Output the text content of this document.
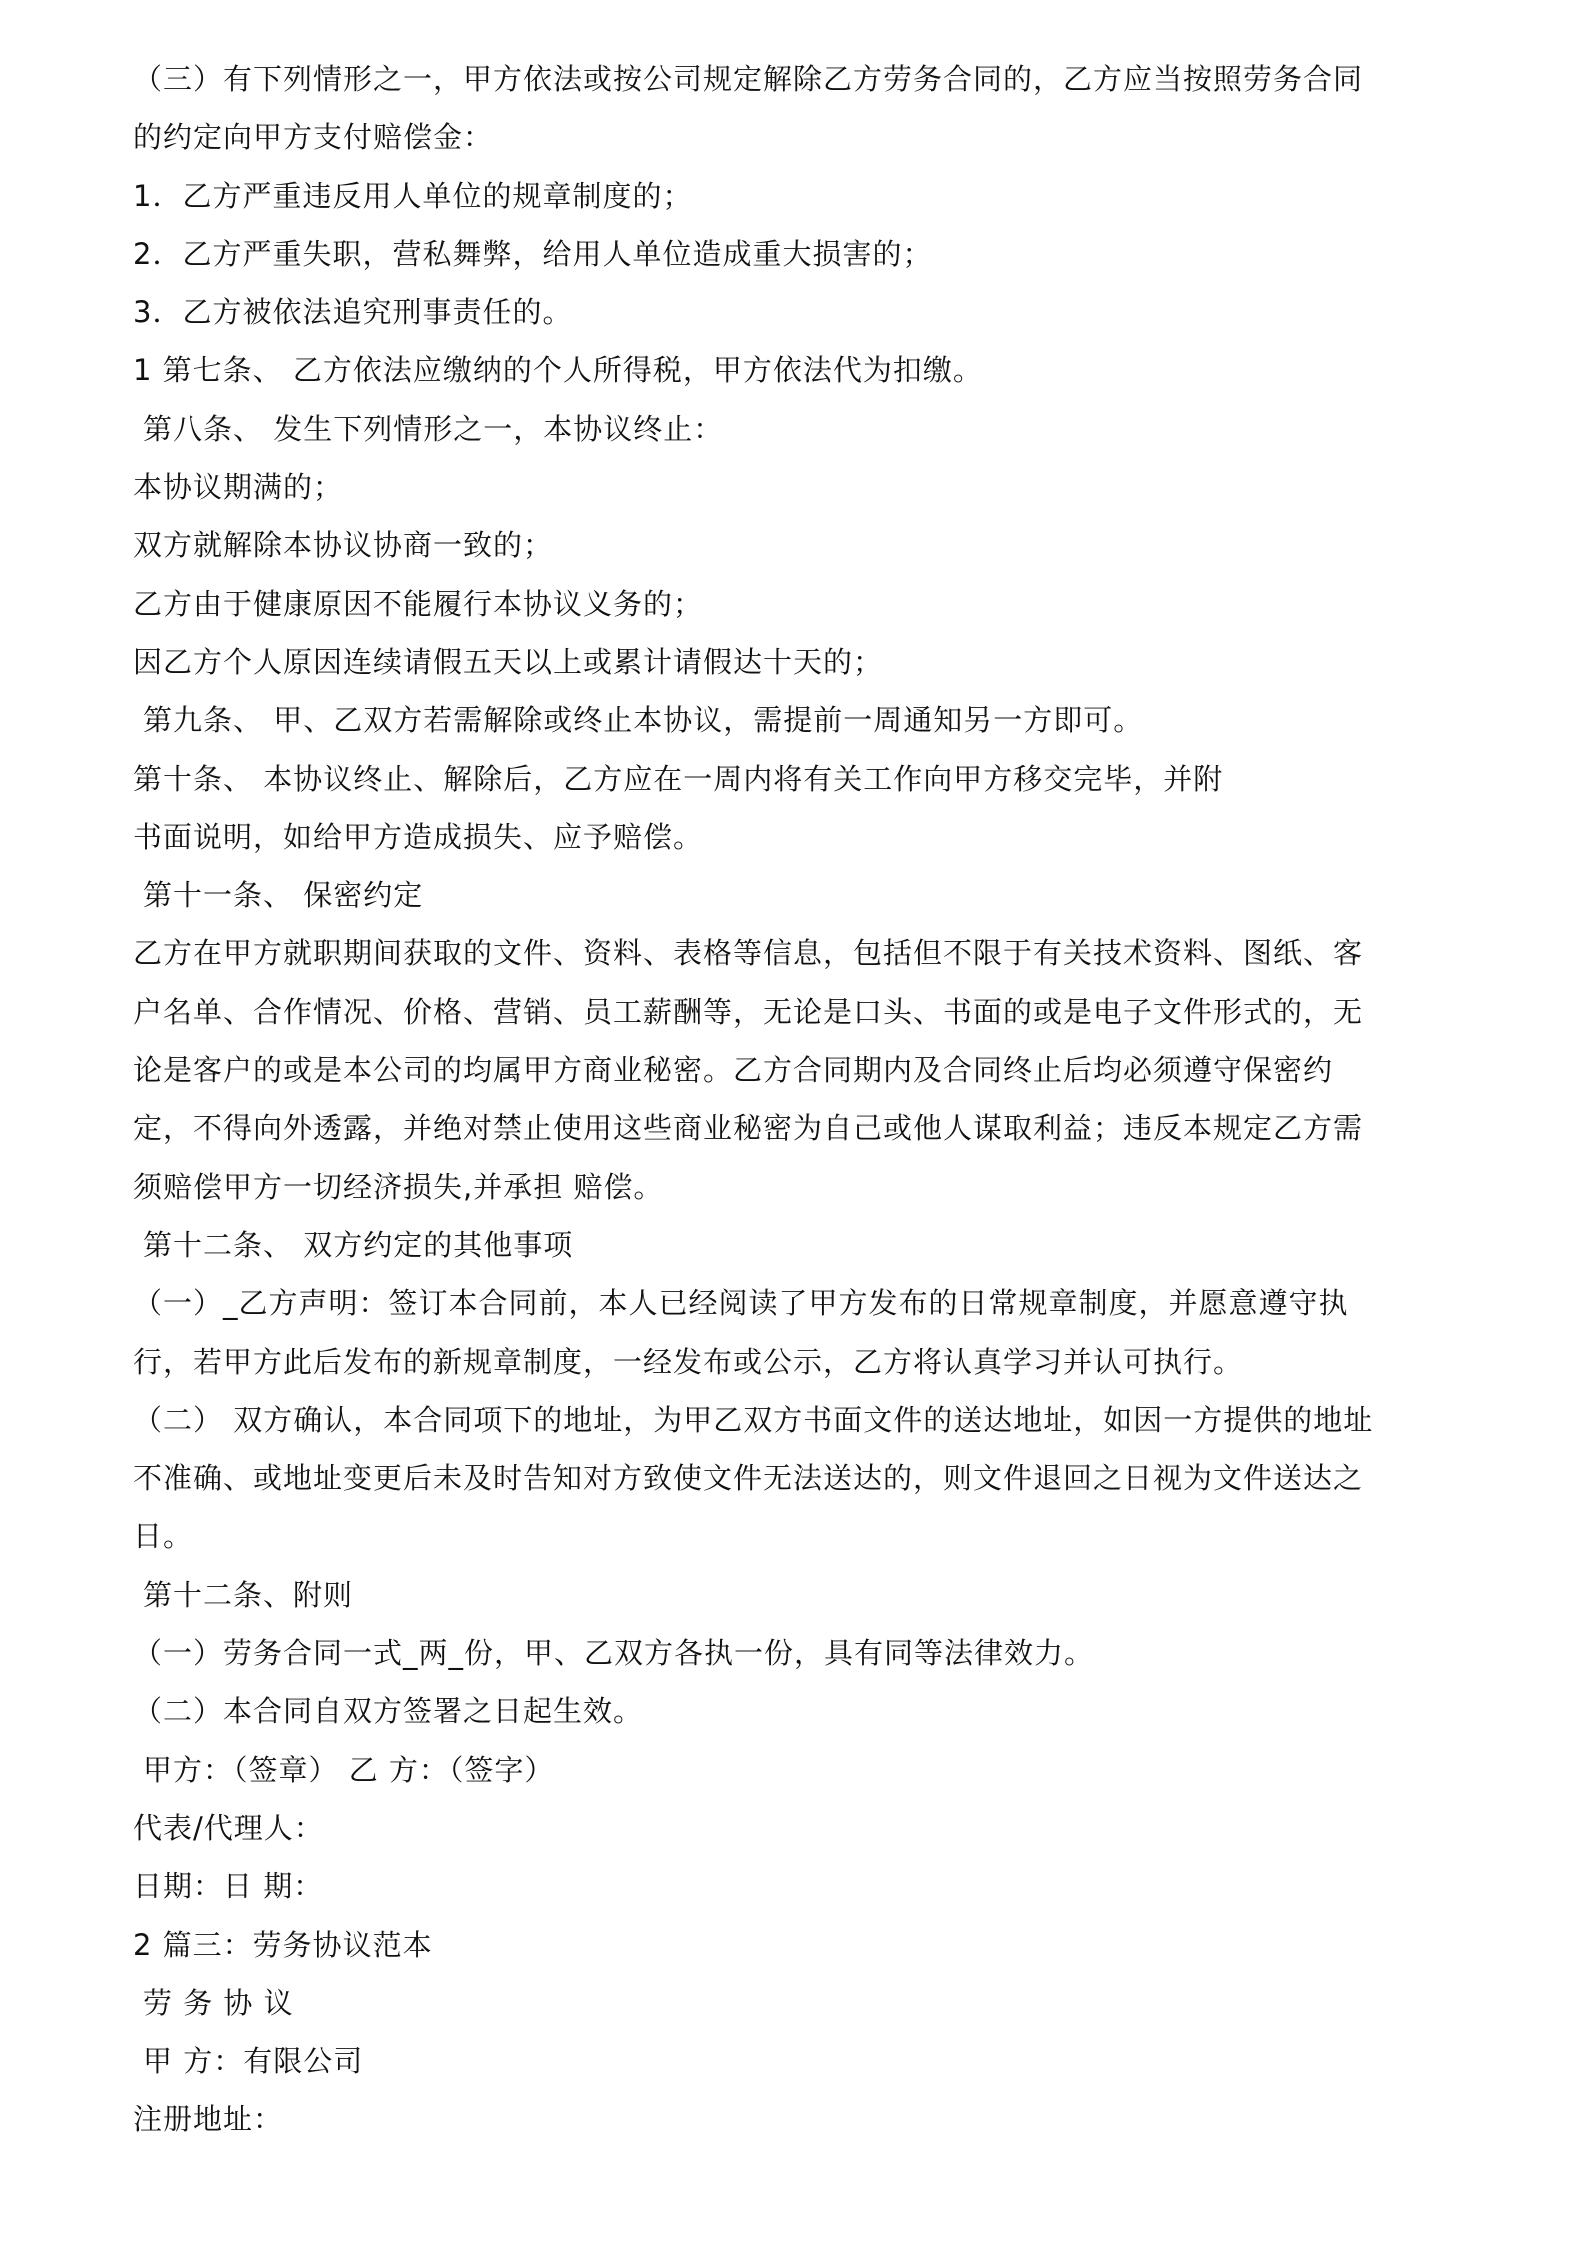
（三）有下列情形之一，甲方依法或按公司规定解除乙方劳务合同的，乙方应当按照劳务合同
的约定向甲方支付赔偿金：
1．乙方严重违反用人单位的规章制度的；
2．乙方严重失职，营私舞弊，给用人单位造成重大损害的；
3．乙方被依法追究刑事责任的。
1 第七条、 乙方依法应缴纳的个人所得税，甲方依法代为扣缴。
第八条、 发生下列情形之一，本协议终止：
本协议期满的；
双方就解除本协议协商一致的；
乙方由于健康原因不能履行本协议义务的；
因乙方个人原因连续请假五天以上或累计请假达十天的；
第九条、 甲、乙双方若需解除或终止本协议，需提前一周通知另一方即可。
第十条、 本协议终止、解除后，乙方应在一周内将有关工作向甲方移交完毕，并附
书面说明，如给甲方造成损失、应予赔偿。
第十一条、 保密约定
乙方在甲方就职期间获取的文件、资料、表格等信息，包括但不限于有关技术资料、图纸、客
户名单、合作情况、价格、营销、员工薪酬等，无论是口头、书面的或是电子文件形式的，无
论是客户的或是本公司的均属甲方商业秘密。乙方合同期内及合同终止后均必须遵守保密约
定，不得向外透露，并绝对禁止使用这些商业秘密为自己或他人谋取利益；违反本规定乙方需
须赔偿甲方一切经济损失,并承担 赔偿。
第十二条、 双方约定的其他事项
（一）_乙方声明：签订本合同前，本人已经阅读了甲方发布的日常规章制度，并愿意遵守执
行，若甲方此后发布的新规章制度，一经发布或公示，乙方将认真学习并认可执行。
（二） 双方确认，本合同项下的地址，为甲乙双方书面文件的送达地址，如因一方提供的地址
不准确、或地址变更后未及时告知对方致使文件无法送达的，则文件退回之日视为文件送达之
日。
第十二条、附则
（一）劳务合同一式_两_份，甲、乙双方各执一份，具有同等法律效力。
（二）本合同自双方签署之日起生效。
甲方：（签章） 乙 方：（签字）
代表/代理人：
日期：日 期：
2 篇三：劳务协议范本
劳 务 协 议
甲 方：有限公司
注册地址：
